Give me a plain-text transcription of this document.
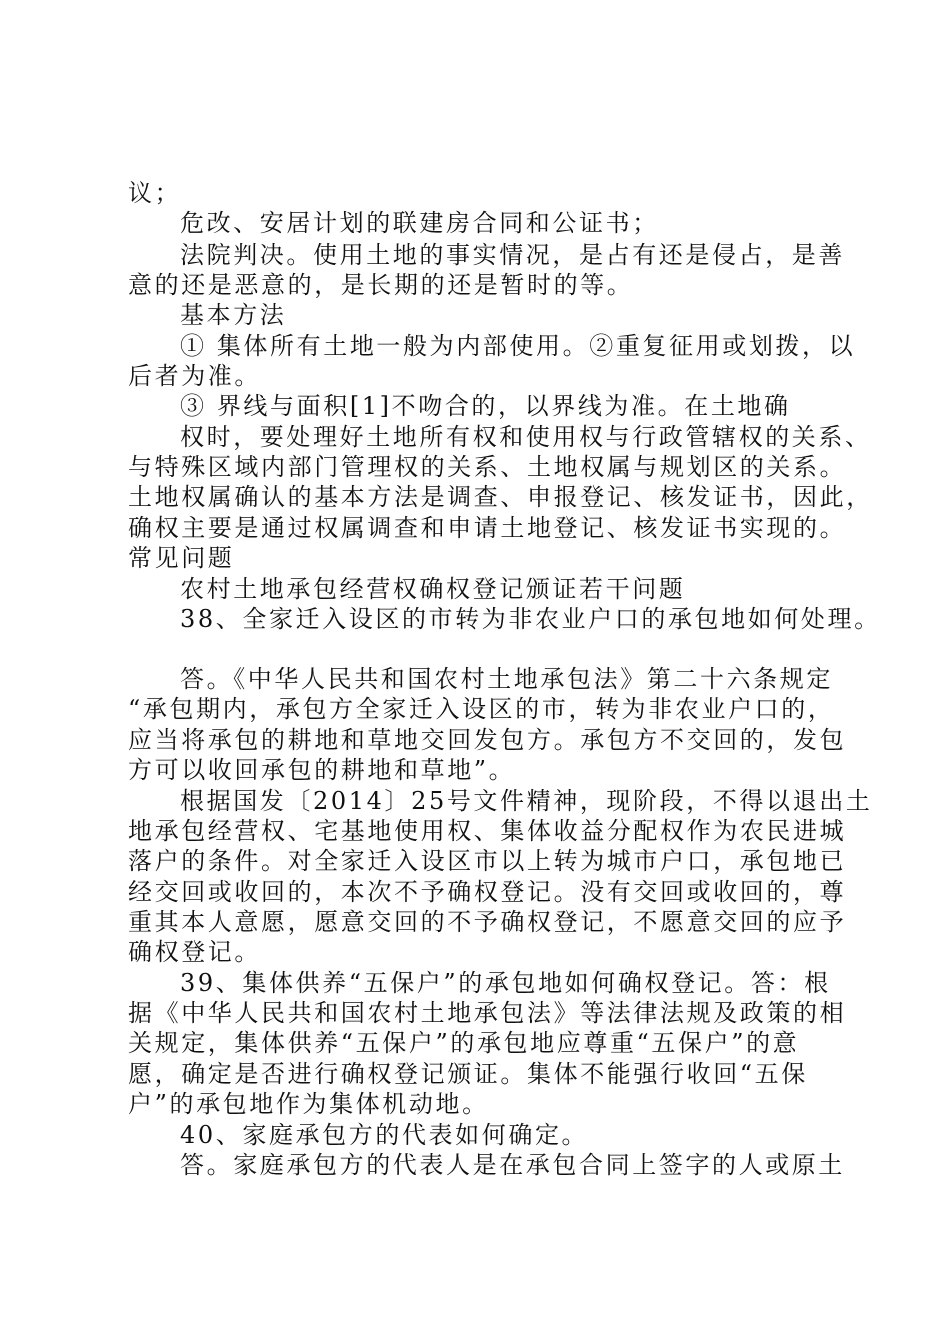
议；
危改、安居计划的联建房合同和公证书；
法院判决。使用土地的事实情况，是占有还是侵占，是善
意的还是恶意的，是长期的还是暂时的等。
基本方法
① 集体所有土地一般为内部使用。②重复征用或划拨，以
后者为准。
③ 界线与面积[1]不吻合的，以界线为准。在土地确
权时，要处理好土地所有权和使用权与行政管辖权的关系、
与特殊区域内部门管理权的关系、土地权属与规划区的关系。
土地权属确认的基本方法是调查、申报登记、核发证书，因此，
确权主要是通过权属调查和申请土地登记、核发证书实现的。
常见问题
农村土地承包经营权确权登记颁证若干问题
38、全家迁入设区的市转为非农业户口的承包地如何处理。
答。《中华人民共和国农村土地承包法》第二十六条规定
“承包期内，承包方全家迁入设区的市，转为非农业户口的，
应当将承包的耕地和草地交回发包方。承包方不交回的，发包
方可以收回承包的耕地和草地”。
根据国发〔2014〕25号文件精神，现阶段，不得以退出土
地承包经营权、宅基地使用权、集体收益分配权作为农民进城
落户的条件。对全家迁入设区市以上转为城市户口，承包地已
经交回或收回的，本次不予确权登记。没有交回或收回的，尊
重其本人意愿，愿意交回的不予确权登记，不愿意交回的应予
确权登记。
39、集体供养“五保户”的承包地如何确权登记。答：根
据《中华人民共和国农村土地承包法》等法律法规及政策的相
关规定，集体供养“五保户”的承包地应尊重“五保户”的意
愿，确定是否进行确权登记颁证。集体不能强行收回“五保
户”的承包地作为集体机动地。
40、家庭承包方的代表如何确定。
答。家庭承包方的代表人是在承包合同上签字的人或原土
